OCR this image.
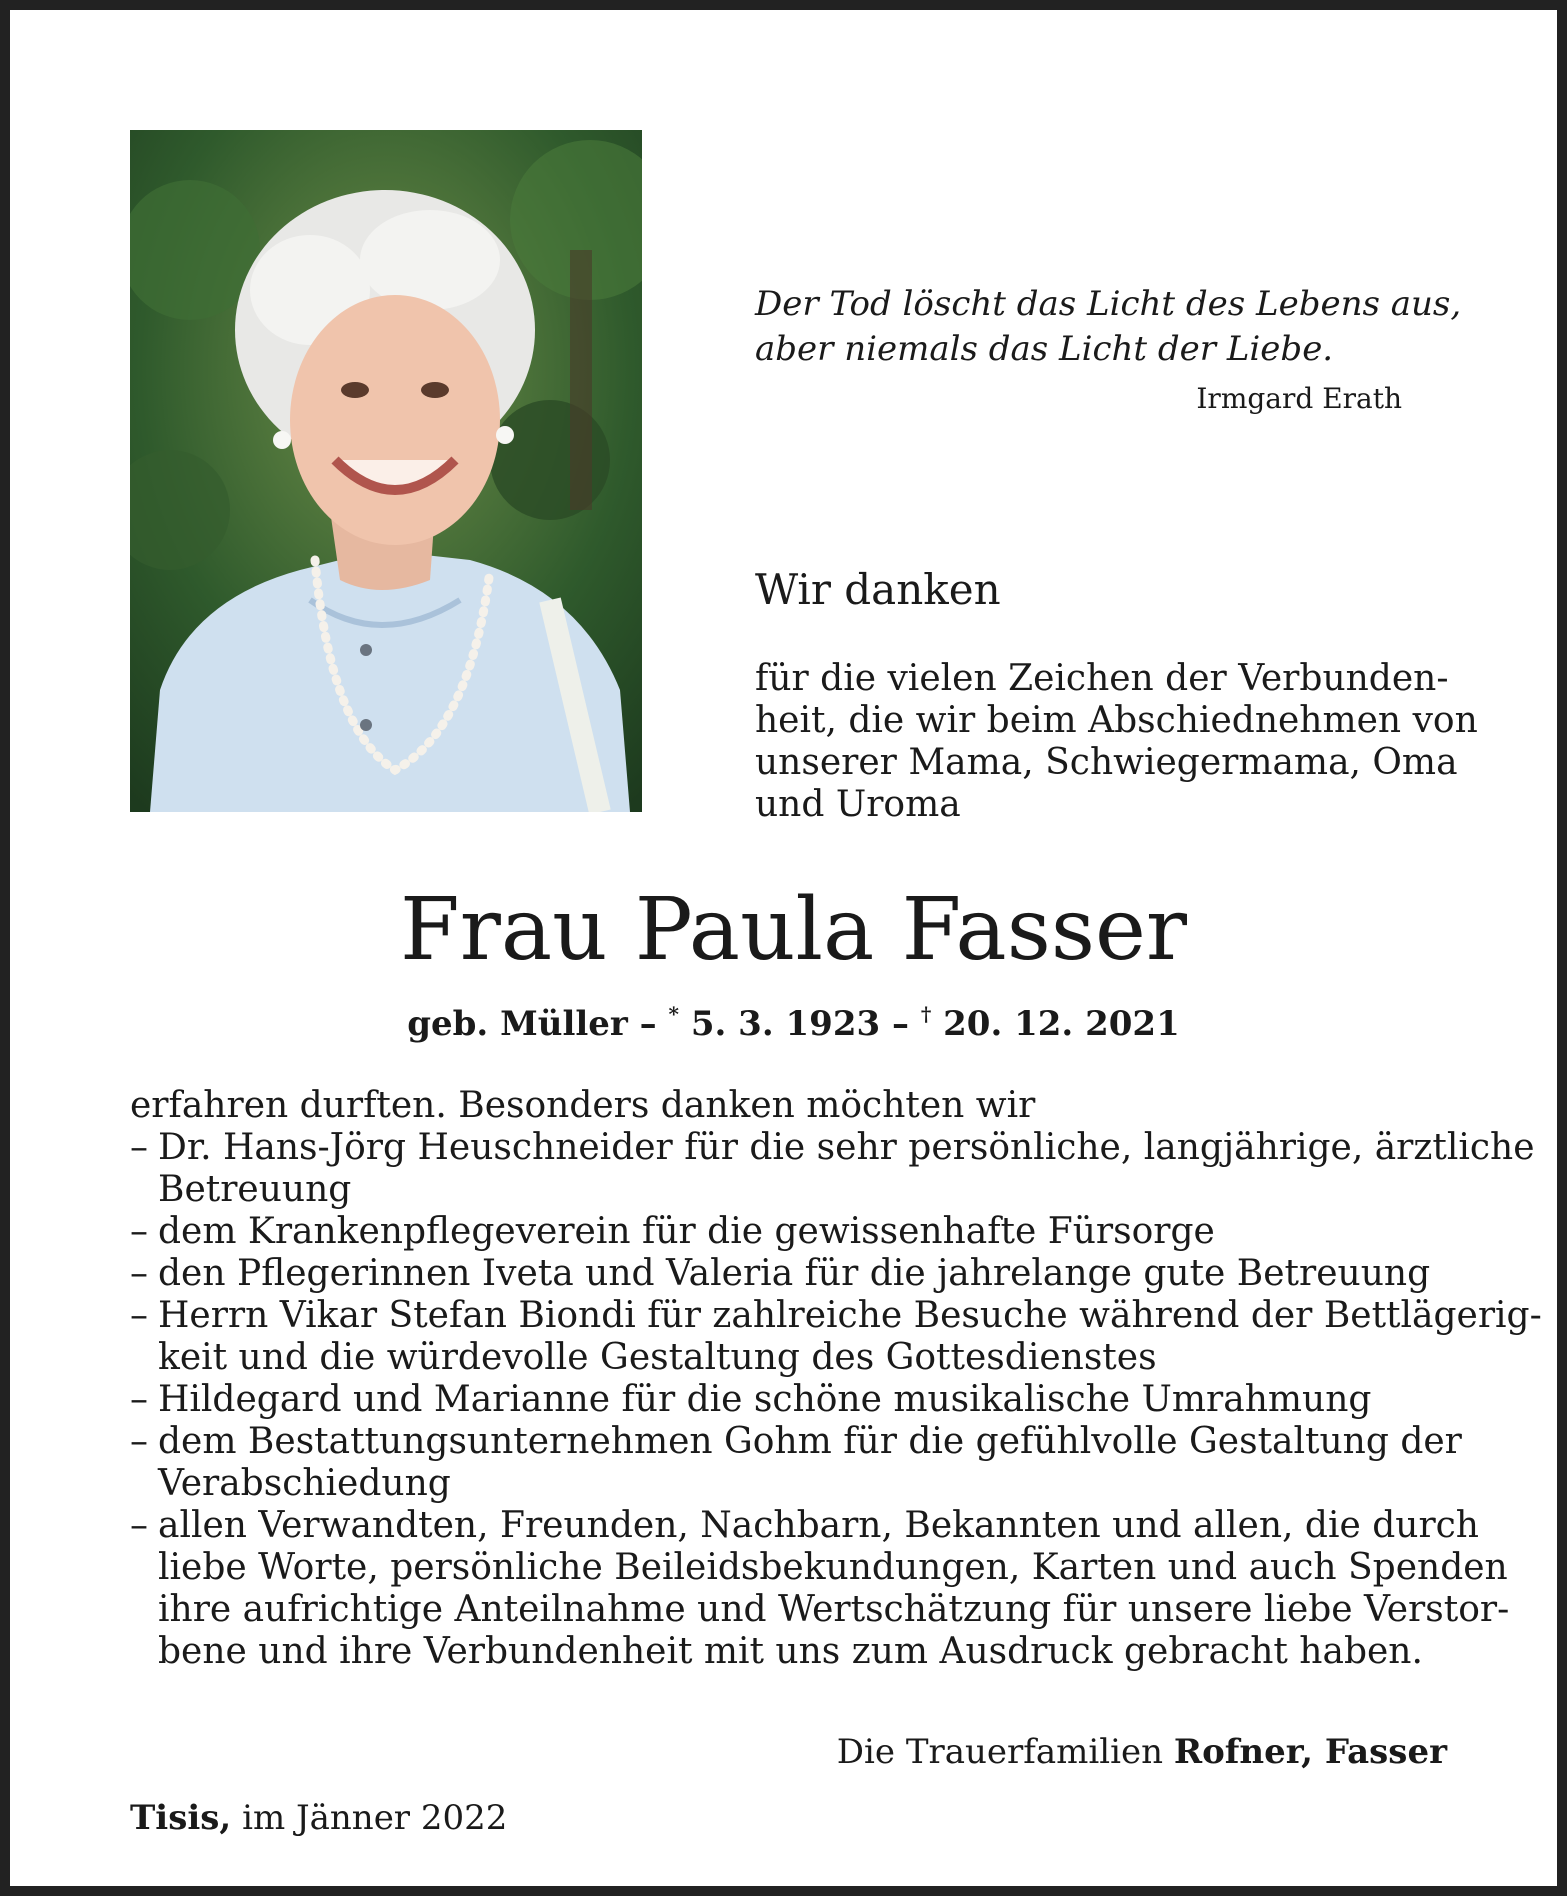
Der Tod löscht das Licht des Lebens aus,
aber niemals das Licht der Liebe.
Irmgard Erath
Wir danken
für die vielen Zeichen der Verbunden-
heit, die wir beim Abschiednehmen von
unserer Mama, Schwiegermama, Oma
und Uroma
Frau Paula Fasser
geb. Müller – * 5. 3. 1923 – † 20. 12. 2021
erfahren durften. Besonders danken möchten wir
– Dr. Hans-Jörg Heuschneider für die sehr persönliche, langjährige, ärztliche
Betreuung
– dem Krankenpflegeverein für die gewissenhafte Fürsorge
– den Pflegerinnen Iveta und Valeria für die jahrelange gute Betreuung
– Herrn Vikar Stefan Biondi für zahlreiche Besuche während der Bettlägerig-
keit und die würdevolle Gestaltung des Gottesdienstes
– Hildegard und Marianne für die schöne musikalische Umrahmung
– dem Bestattungsunternehmen Gohm für die gefühlvolle Gestaltung der
Verabschiedung
– allen Verwandten, Freunden, Nachbarn, Bekannten und allen, die durch
liebe Worte, persönliche Beileidsbekundungen, Karten und auch Spenden
ihre aufrichtige Anteilnahme und Wertschätzung für unsere liebe Verstor-
bene und ihre Verbundenheit mit uns zum Ausdruck gebracht haben.
Die Trauerfamilien Rofner, Fasser
Tisis, im Jänner 2022
